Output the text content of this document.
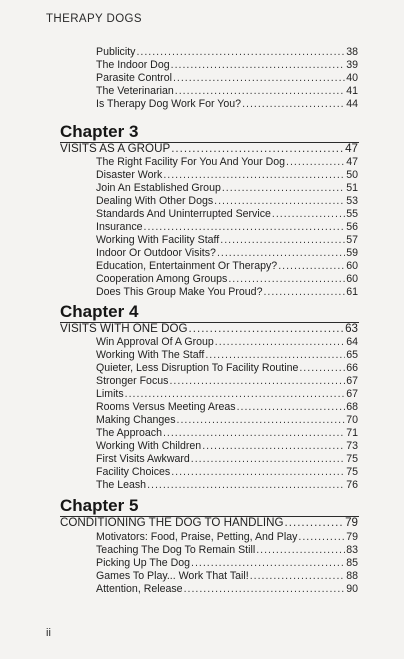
THERAPY DOGS
Publicity .....	38
The Indoor Dog .....	39
Parasite Control .....	40
The Veterinarian .....	41
Is Therapy Dog Work For You? .....	44
Chapter 3
VISITS AS A GROUP .....	47
The Right Facility For You And Your Dog .....	47
Disaster Work .....	50
Join An Established Group .....	51
Dealing With Other Dogs .....	53
Standards And Uninterrupted Service .....	55
Insurance .....	56
Working With Facility Staff .....	57
Indoor Or Outdoor Visits? .....	59
Education, Entertainment Or Therapy? .....	60
Cooperation Among Groups .....	60
Does This Group Make You Proud? .....	61
Chapter 4
VISITS WITH ONE DOG .....	63
Win Approval Of A Group .....	64
Working With The Staff .....	65
Quieter, Less Disruption To Facility Routine .....	66
Stronger Focus .....	67
Limits .....	67
Rooms Versus Meeting Areas .....	68
Making Changes .....	70
The Approach .....	71
Working With Children .....	73
First Visits Awkward .....	75
Facility Choices .....	75
The Leash .....	76
Chapter 5
CONDITIONING THE DOG TO HANDLING .....	79
Motivators: Food, Praise, Petting, And Play .....	79
Teaching The Dog To Remain Still .....	83
Picking Up The Dog .....	85
Games To Play... Work That Tail! .....	88
Attention, Release .....	90
ii
